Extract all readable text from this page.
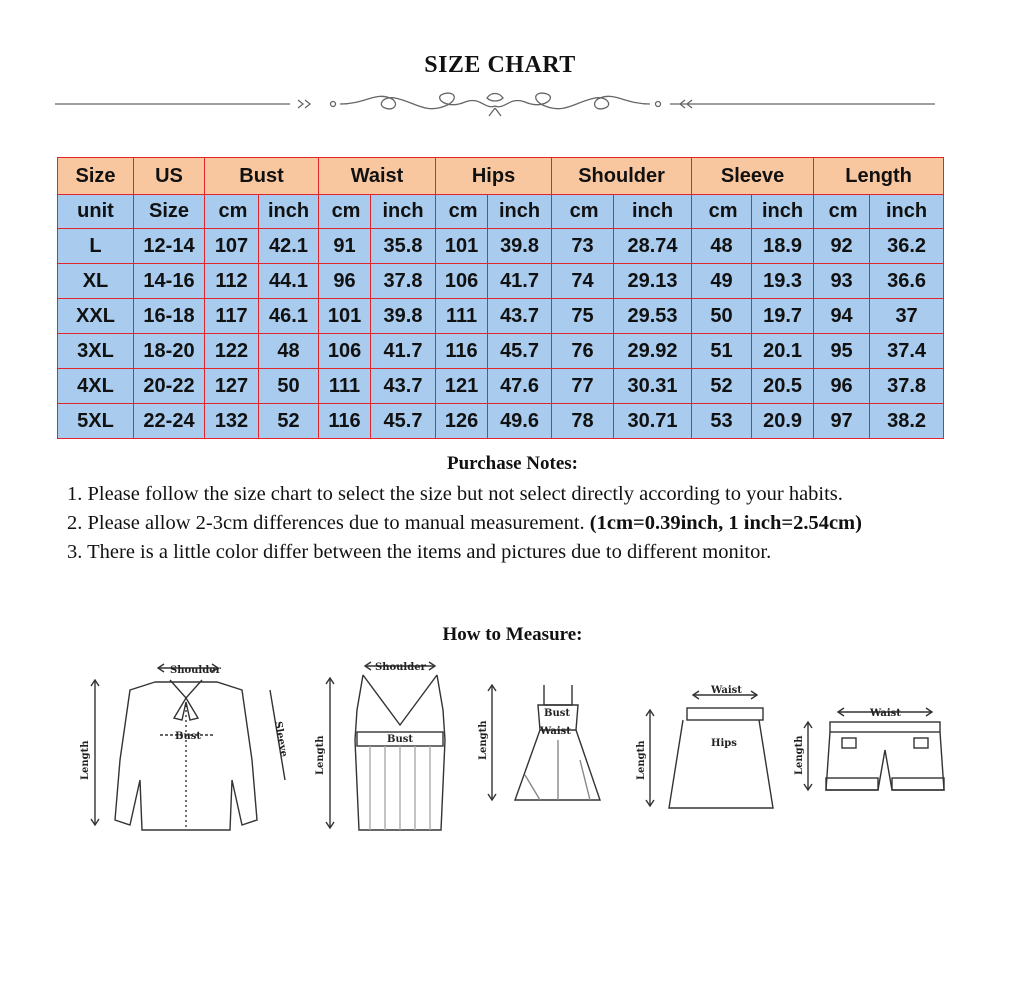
SIZE CHART
Size	US	Bust		Waist		Hips		Shoulder		Sleeve		Length	
unit	Size	cm	inch	cm	inch	cm	inch	cm	inch	cm	inch	cm	inch
L	12-14	107	42.1	91	35.8	101	39.8	73	28.74	48	18.9	92	36.2
XL	14-16	112	44.1	96	37.8	106	41.7	74	29.13	49	19.3	93	36.6
XXL	16-18	117	46.1	101	39.8	111	43.7	75	29.53	50	19.7	94	37
3XL	18-20	122	48	106	41.7	116	45.7	76	29.92	51	20.1	95	37.4
4XL	20-22	127	50	111	43.7	121	47.6	77	30.31	52	20.5	96	37.8
5XL	22-24	132	52	116	45.7	126	49.6	78	30.71	53	20.9	97	38.2
Purchase Notes:

1. Please follow the size chart to select the size but not select directly according to your habits.

2. Please allow 2-3cm differences due to manual measurement. (1cm=0.39inch, 1 inch=2.54cm)

3. There is a little color differ between the items and pictures due to different monitor.

How to Measure:
Shoulder
Bust
Length
Sleeve
Shoulder
Bust
Length
Bust
Waist
Length
Waist
Hips
Length
Waist
Length
